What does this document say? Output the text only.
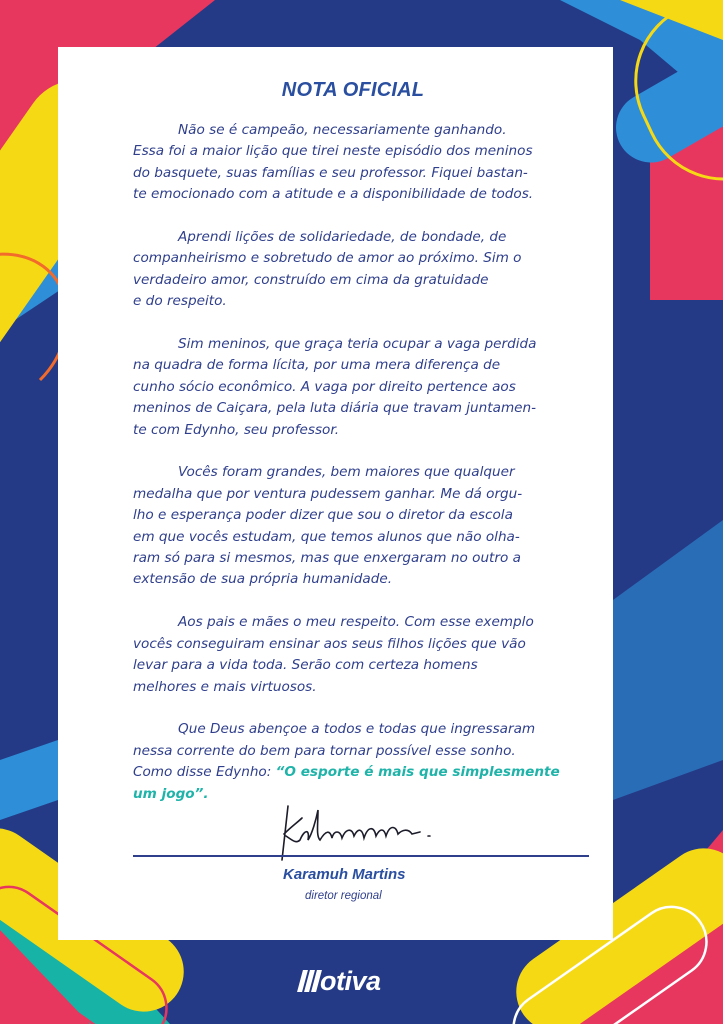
NOTA OFICIAL

Não se é campeão, necessariamente ganhando.
Essa foi a maior lição que tirei neste episódio dos meninos
do basquete, suas famílias e seu professor. Fiquei bastan-
te emocionado com a atitude e a disponibilidade de todos.

Aprendi lições de solidariedade, de bondade, de
companheirismo e sobretudo de amor ao próximo. Sim o
verdadeiro amor, construído em cima da gratuidade
e do respeito.

Sim meninos, que graça teria ocupar a vaga perdida
na quadra de forma lícita, por uma mera diferença de
cunho sócio econômico. A vaga por direito pertence aos
meninos de Caiçara, pela luta diária que travam juntamen-
te com Edynho, seu professor.

Vocês foram grandes, bem maiores que qualquer
medalha que por ventura pudessem ganhar. Me dá orgu-
lho e esperança poder dizer que sou o diretor da escola
em que vocês estudam, que temos alunos que não olha-
ram só para si mesmos, mas que enxergaram no outro a
extensão de sua própria humanidade.

Aos pais e mães o meu respeito. Com esse exemplo
vocês conseguiram ensinar aos seus filhos lições que vão
levar para a vida toda. Serão com certeza homens
melhores e mais virtuosos.

Que Deus abençoe a todos e todas que ingressaram
nessa corrente do bem para tornar possível esse sonho.
Como disse Edynho: “O esporte é mais que simplesmente
um jogo”.

Karamuh Martins
diretor regional
otiva
